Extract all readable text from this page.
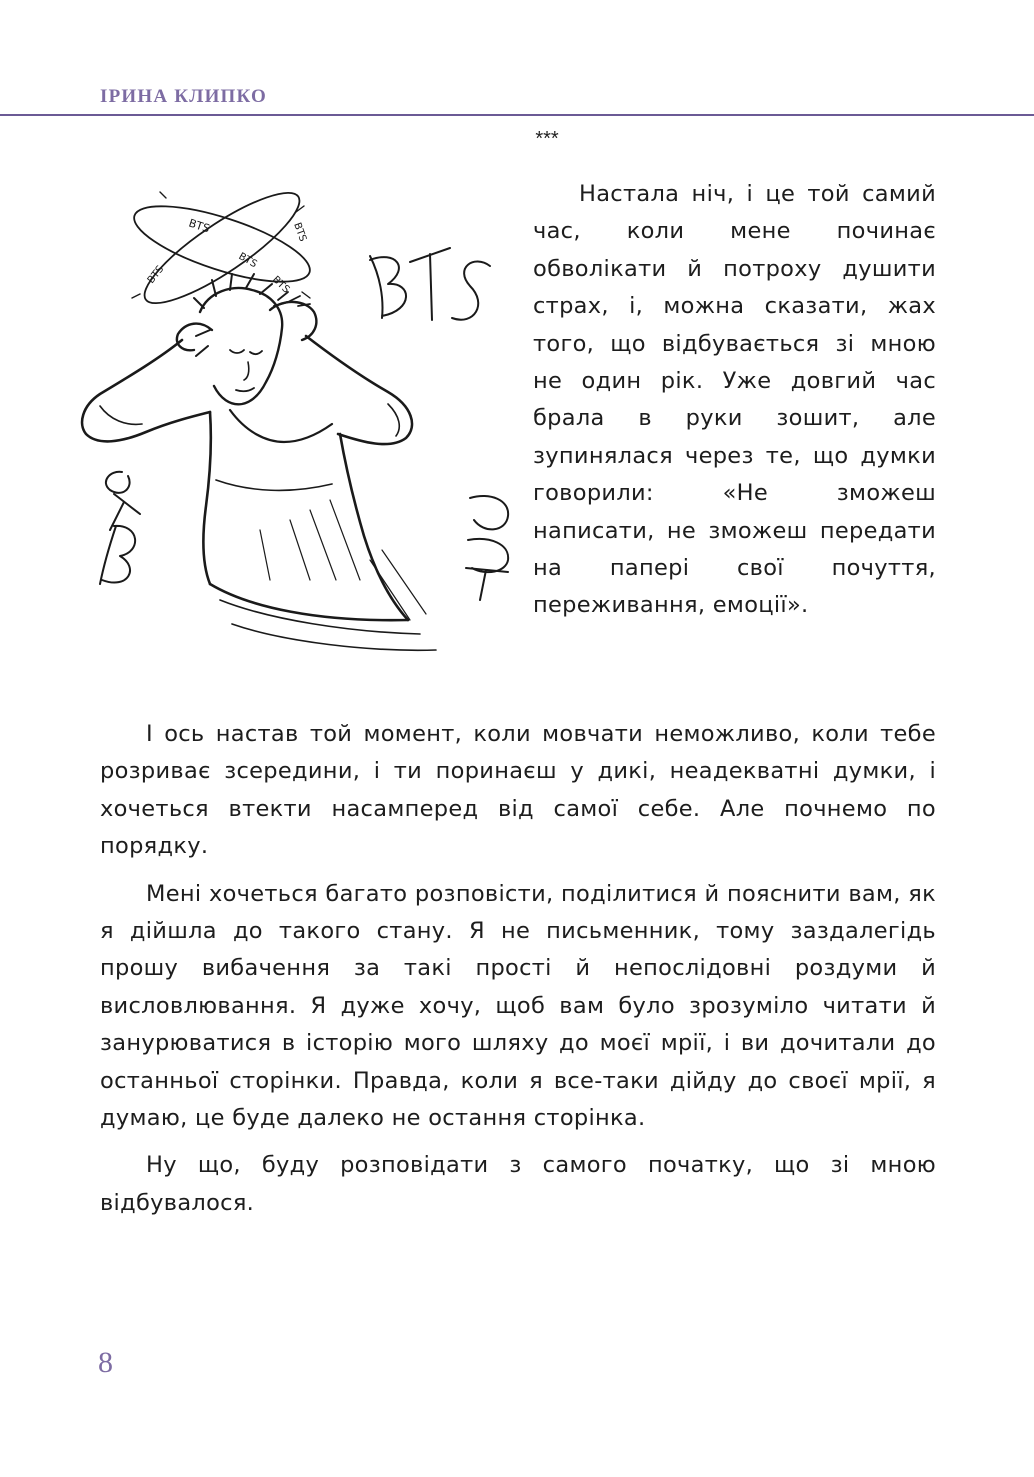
ІРИНА КЛИПКО
***
BTS
BTS
BTS
BTS
BTS

Настала ніч, і це той самий час, коли мене починає обволікати й потроху душити страх, і, можна сказати, жах того, що відбувається зі мною не один рік. Уже довгий час брала в руки зошит, але зупинялася через те, що думки говорили: «Не зможеш написати, не зможеш передати на папері свої почуття, переживання, емоції».

І ось настав той момент, коли мовчати неможливо, коли тебе розриває зсередини, і ти поринаєш у дикі, неадекватні думки, і хочеться втекти насамперед від самої себе. Але почнемо по порядку.

Мені хочеться багато розповісти, поділитися й пояснити вам, як я дійшла до такого стану. Я не письменник, тому заздалегідь прошу вибачення за такі прості й непослідовні роздуми й висловлювання. Я дуже хочу, щоб вам було зрозуміло читати й занурюватися в історію мого шляху до моєї мрії, і ви дочитали до останньої сторінки. Правда, коли я все-таки дійду до своєї мрії, я думаю, це буде далеко не остання сторінка.

Ну що, буду розповідати з самого початку, що зі мною відбувалося.

8
